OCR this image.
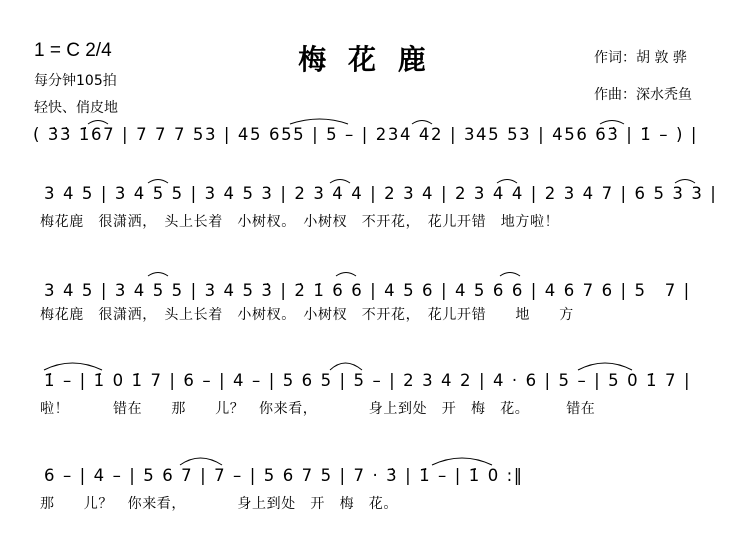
梅 花 鹿
1 = C 2/4
每分钟105拍
轻快、俏皮地
作词：胡 敦 骅
作曲：深水秃鱼
( 3̇3̇ 1̇67 | 7 7 7 53 | 45 655 | 5 – | 234 42 | 345 53 | 456 63̇ | 1̇ – ) |
3 4 5 | 3 4 5 5 | 3 4 5 3 | 2 3 4 4 | 2 3 4 | 2 3 4 4 | 2 3 4 7 | 6 5 3 3 |
梅花鹿　很潇洒，　头上长着　小树杈。　小树杈　不开花，　花儿开错　地方啦！
3 4 5 | 3 4 5 5 | 3 4 5 3̇ | 2̇ 1̇ 6 6 | 4 5 6 | 4 5 6 6 | 4 6 7 6 | 5　7 |
梅花鹿　很潇洒，　头上长着　小树杈。　小树杈　不开花，　花儿开错　　地　　方
1̇ – | 1̇ 0 1̇ 7 | 6 – | 4 – | 5 6 5 | 5 – | 2 3 4 2 | 4 · 6 | 5 – | 5 0 1̇ 7 |
啦！　　　错在　　那　　儿？　你来看，　　　　身上到处　开　梅　花。　　　错在
6 – | 4 – | 5 6 7 | 7 – | 5 6 7 5 | 7 · 3̇ | 1̇ – | 1̇ 0 :‖
那　　儿？　你来看，　　　　身上到处　开　梅　花。
